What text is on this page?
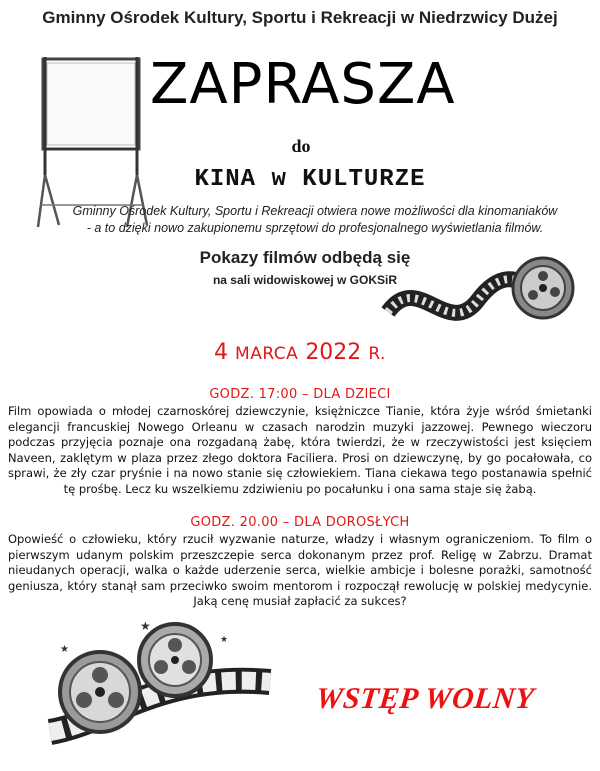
Gminny Ośrodek Kultury, Sportu i Rekreacji w Niedrzwicy Dużej
ZAPRASZA
do
KINA w KULTURZE
Gminny Ośrodek Kultury, Sportu i Rekreacji otwiera nowe możliwości dla kinomaniaków
- a to dzięki nowo zakupionemu sprzętowi do profesjonalnego wyświetlania filmów.
Pokazy filmów odbędą się
na sali widowiskowej w GOKSiR
4 MARCA 2022 R.
GODZ. 17:00 – DLA DZIECI
Film opowiada o młodej czarnoskórej dziewczynie, księżniczce Tianie, która żyje wśród śmietanki elegancji francuskiej Nowego Orleanu w czasach narodzin muzyki jazzowej. Pewnego wieczoru podczas przyjęcia poznaje ona rozgadaną żabę, która twierdzi, że w rzeczywistości jest księciem Naveen, zaklętym w plaza przez złego doktora Faciliera. Prosi on dziewczynę, by go pocałowała, co sprawi, że zły czar pryśnie i na nowo stanie się człowiekiem. Tiana ciekawa tego postanawia spełnić tę prośbę. Lecz ku wszelkiemu zdziwieniu po pocałunku i ona sama staje się żabą.
GODZ. 20.00 – DLA DOROSŁYCH
Opowieść o człowieku, który rzucił wyzwanie naturze, władzy i własnym ograniczeniom. To film o pierwszym udanym polskim przeszczepie serca dokonanym przez prof. Religę w Zabrzu. Dramat nieudanych operacji, walka o każde uderzenie serca, wielkie ambicje i bolesne porażki, samotność geniusza, który stanął sam przeciwko swoim mentorom i rozpoczął rewolucję w polskiej medycynie. Jaką cenę musiał zapłacić za sukces?
★
★
★
WSTĘP WOLNY
